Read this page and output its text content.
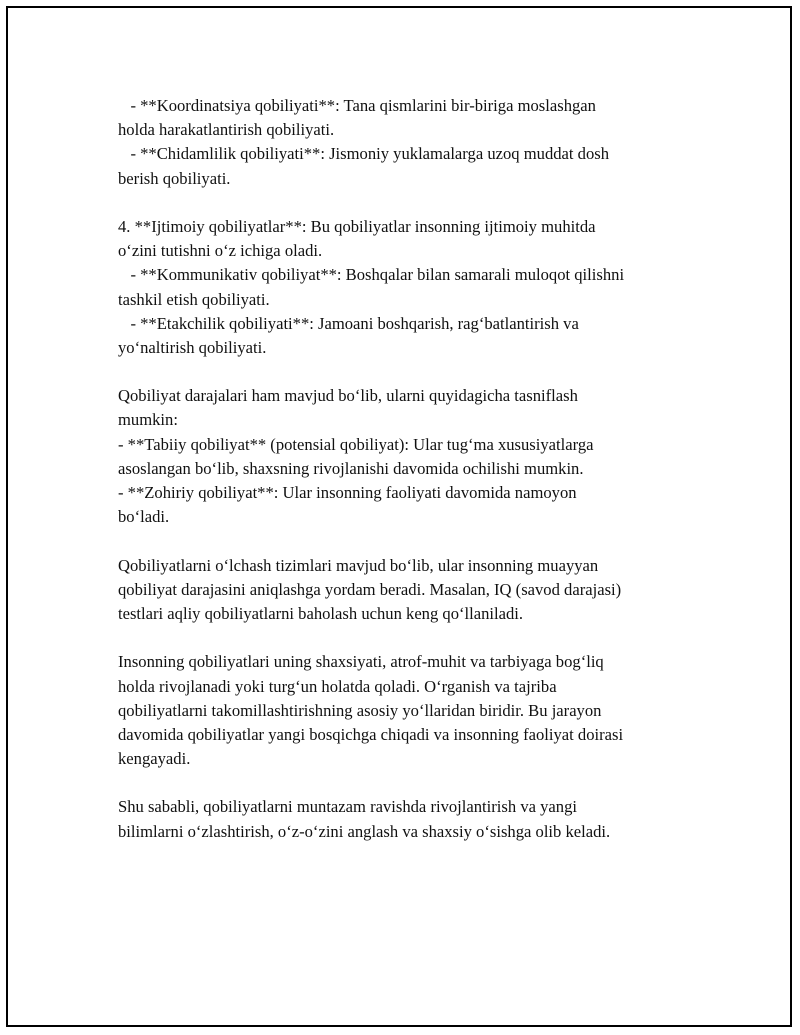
- **Koordinatsiya qobiliyati**: Tana qismlarini bir-biriga moslashgan
holda harakatlantirish qobiliyati.
- **Chidamlilik qobiliyati**: Jismoniy yuklamalarga uzoq muddat dosh
berish qobiliyati.
4. **Ijtimoiy qobiliyatlar**: Bu qobiliyatlar insonning ijtimoiy muhitda
o‘zini tutishni o‘z ichiga oladi.
- **Kommunikativ qobiliyat**: Boshqalar bilan samarali muloqot qilishni
tashkil etish qobiliyati.
- **Etakchilik qobiliyati**: Jamoani boshqarish, rag‘batlantirish va
yo‘naltirish qobiliyati.
Qobiliyat darajalari ham mavjud bo‘lib, ularni quyidagicha tasniflash
mumkin:
- **Tabiiy qobiliyat** (potensial qobiliyat): Ular tug‘ma xususiyatlarga
asoslangan bo‘lib, shaxsning rivojlanishi davomida ochilishi mumkin.
- **Zohiriy qobiliyat**: Ular insonning faoliyati davomida namoyon
bo‘ladi.
Qobiliyatlarni o‘lchash tizimlari mavjud bo‘lib, ular insonning muayyan
qobiliyat darajasini aniqlashga yordam beradi. Masalan, IQ (savod darajasi)
testlari aqliy qobiliyatlarni baholash uchun keng qo‘llaniladi.
Insonning qobiliyatlari uning shaxsiyati, atrof-muhit va tarbiyaga bog‘liq
holda rivojlanadi yoki turg‘un holatda qoladi. O‘rganish va tajriba
qobiliyatlarni takomillashtirishning asosiy yo‘llaridan biridir. Bu jarayon
davomida qobiliyatlar yangi bosqichga chiqadi va insonning faoliyat doirasi
kengayadi.
Shu sababli, qobiliyatlarni muntazam ravishda rivojlantirish va yangi
bilimlarni o‘zlashtirish, o‘z-o‘zini anglash va shaxsiy o‘sishga olib keladi.
